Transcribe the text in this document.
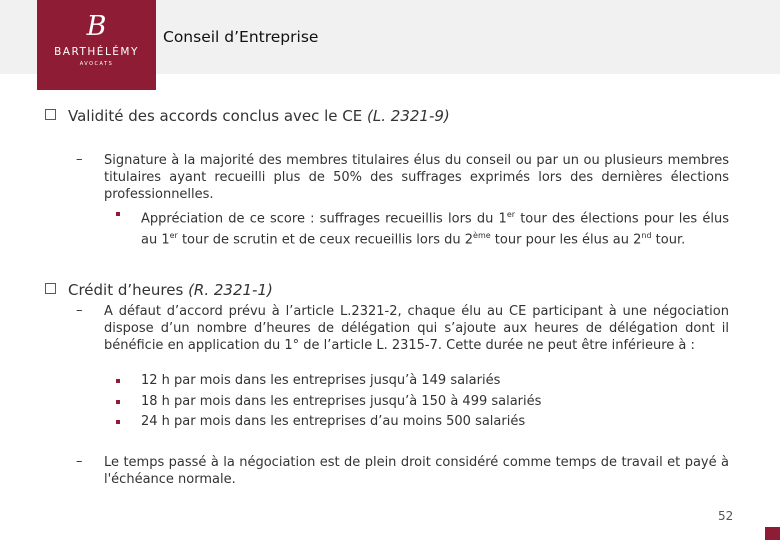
B
BARTHÉLÉMY
AVOCATS
Conseil d’Entreprise
Validité des accords conclus avec le CE (L. 2321-9)
– Signature à la majorité des membres titulaires élus du conseil ou par un ou plusieurs membres titulaires ayant recueilli plus de 50% des suffrages exprimés lors des dernières élections professionnelles.
Appréciation de ce score : suffrages recueillis lors du 1er tour des élections pour les élus au 1er tour de scrutin et de ceux recueillis lors du 2ème tour pour les élus au 2nd tour.
Crédit d’heures (R. 2321-1)
– A défaut d’accord prévu à l’article L.2321-2, chaque élu au CE participant à une négociation dispose d’un nombre d’heures de délégation qui s’ajoute aux heures de délégation dont il bénéficie en application du 1° de l’article L. 2315-7. Cette durée ne peut être inférieure à :
12 h par mois dans les entreprises jusqu’à 149 salariés
18 h par mois dans les entreprises jusqu’à 150 à 499 salariés
24 h par mois dans les entreprises d’au moins 500 salariés
– Le temps passé à la négociation est de plein droit considéré comme temps de travail et payé à l'échéance normale.
52
